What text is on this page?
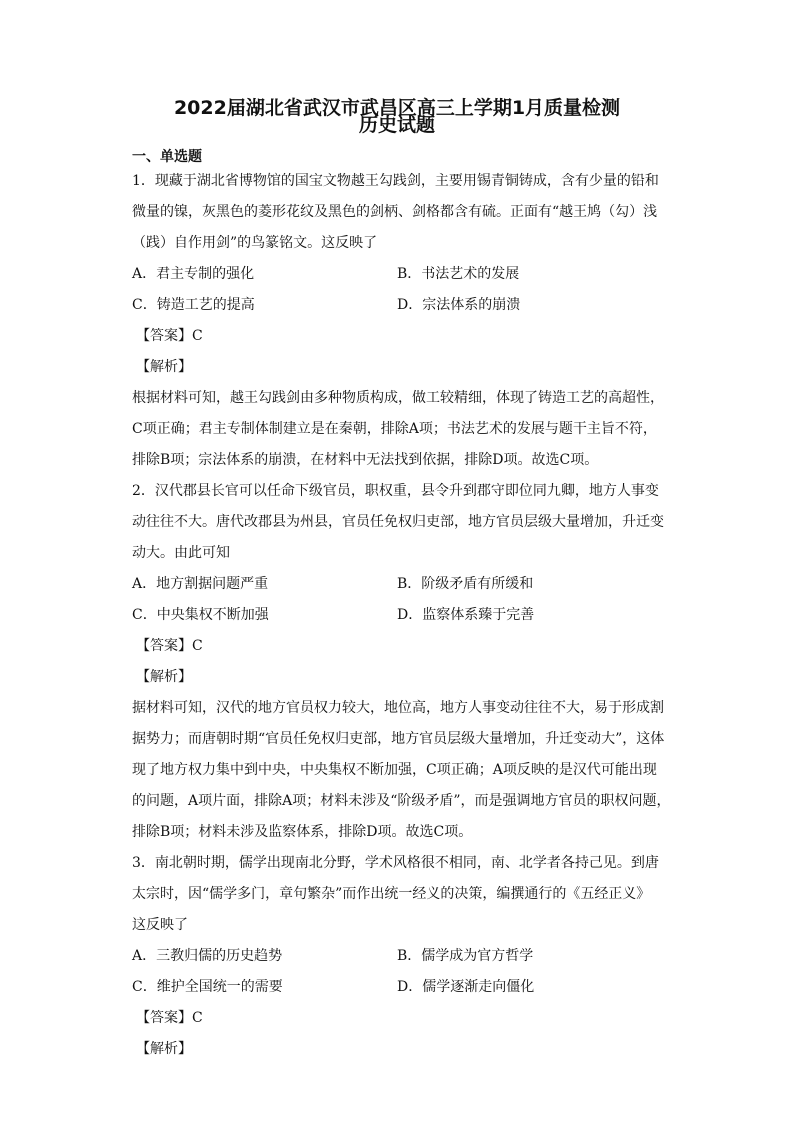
2022届湖北省武汉市武昌区高三上学期1月质量检测
历史试题
一、单选题
1．现藏于湖北省博物馆的国宝文物越王勾践剑，主要用锡青铜铸成，含有少量的铅和
微量的镍，灰黑色的菱形花纹及黑色的剑柄、剑格都含有硫。正面有“越王鸠（勾）浅
（践）自作用剑”的鸟篆铭文。这反映了
A．君主专制的强化	B．书法艺术的发展
C．铸造工艺的提高	D．宗法体系的崩溃
【答案】C
【解析】
根据材料可知，越王勾践剑由多种物质构成，做工较精细，体现了铸造工艺的高超性，
C项正确；君主专制体制建立是在秦朝，排除A项；书法艺术的发展与题干主旨不符，
排除B项；宗法体系的崩溃，在材料中无法找到依据，排除D项。故选C项。
2．汉代郡县长官可以任命下级官员，职权重，县令升到郡守即位同九卿，地方人事变
动往往不大。唐代改郡县为州县，官员任免权归吏部，地方官员层级大量增加，升迁变
动大。由此可知
A．地方割据问题严重	B．阶级矛盾有所缓和
C．中央集权不断加强	D．监察体系臻于完善
【答案】C
【解析】
据材料可知，汉代的地方官员权力较大，地位高，地方人事变动往往不大，易于形成割
据势力；而唐朝时期“官员任免权归吏部，地方官员层级大量增加，升迁变动大”，这体
现了地方权力集中到中央，中央集权不断加强，C项正确；A项反映的是汉代可能出现
的问题，A项片面，排除A项；材料未涉及“阶级矛盾”，而是强调地方官员的职权问题，
排除B项；材料未涉及监察体系，排除D项。故选C项。
3．南北朝时期，儒学出现南北分野，学术风格很不相同，南、北学者各持己见。到唐
太宗时，因“儒学多门，章句繁杂”而作出统一经义的决策，编撰通行的《五经正义》
这反映了
A．三教归儒的历史趋势	B．儒学成为官方哲学
C．维护全国统一的需要	D．儒学逐渐走向僵化
【答案】C
【解析】
